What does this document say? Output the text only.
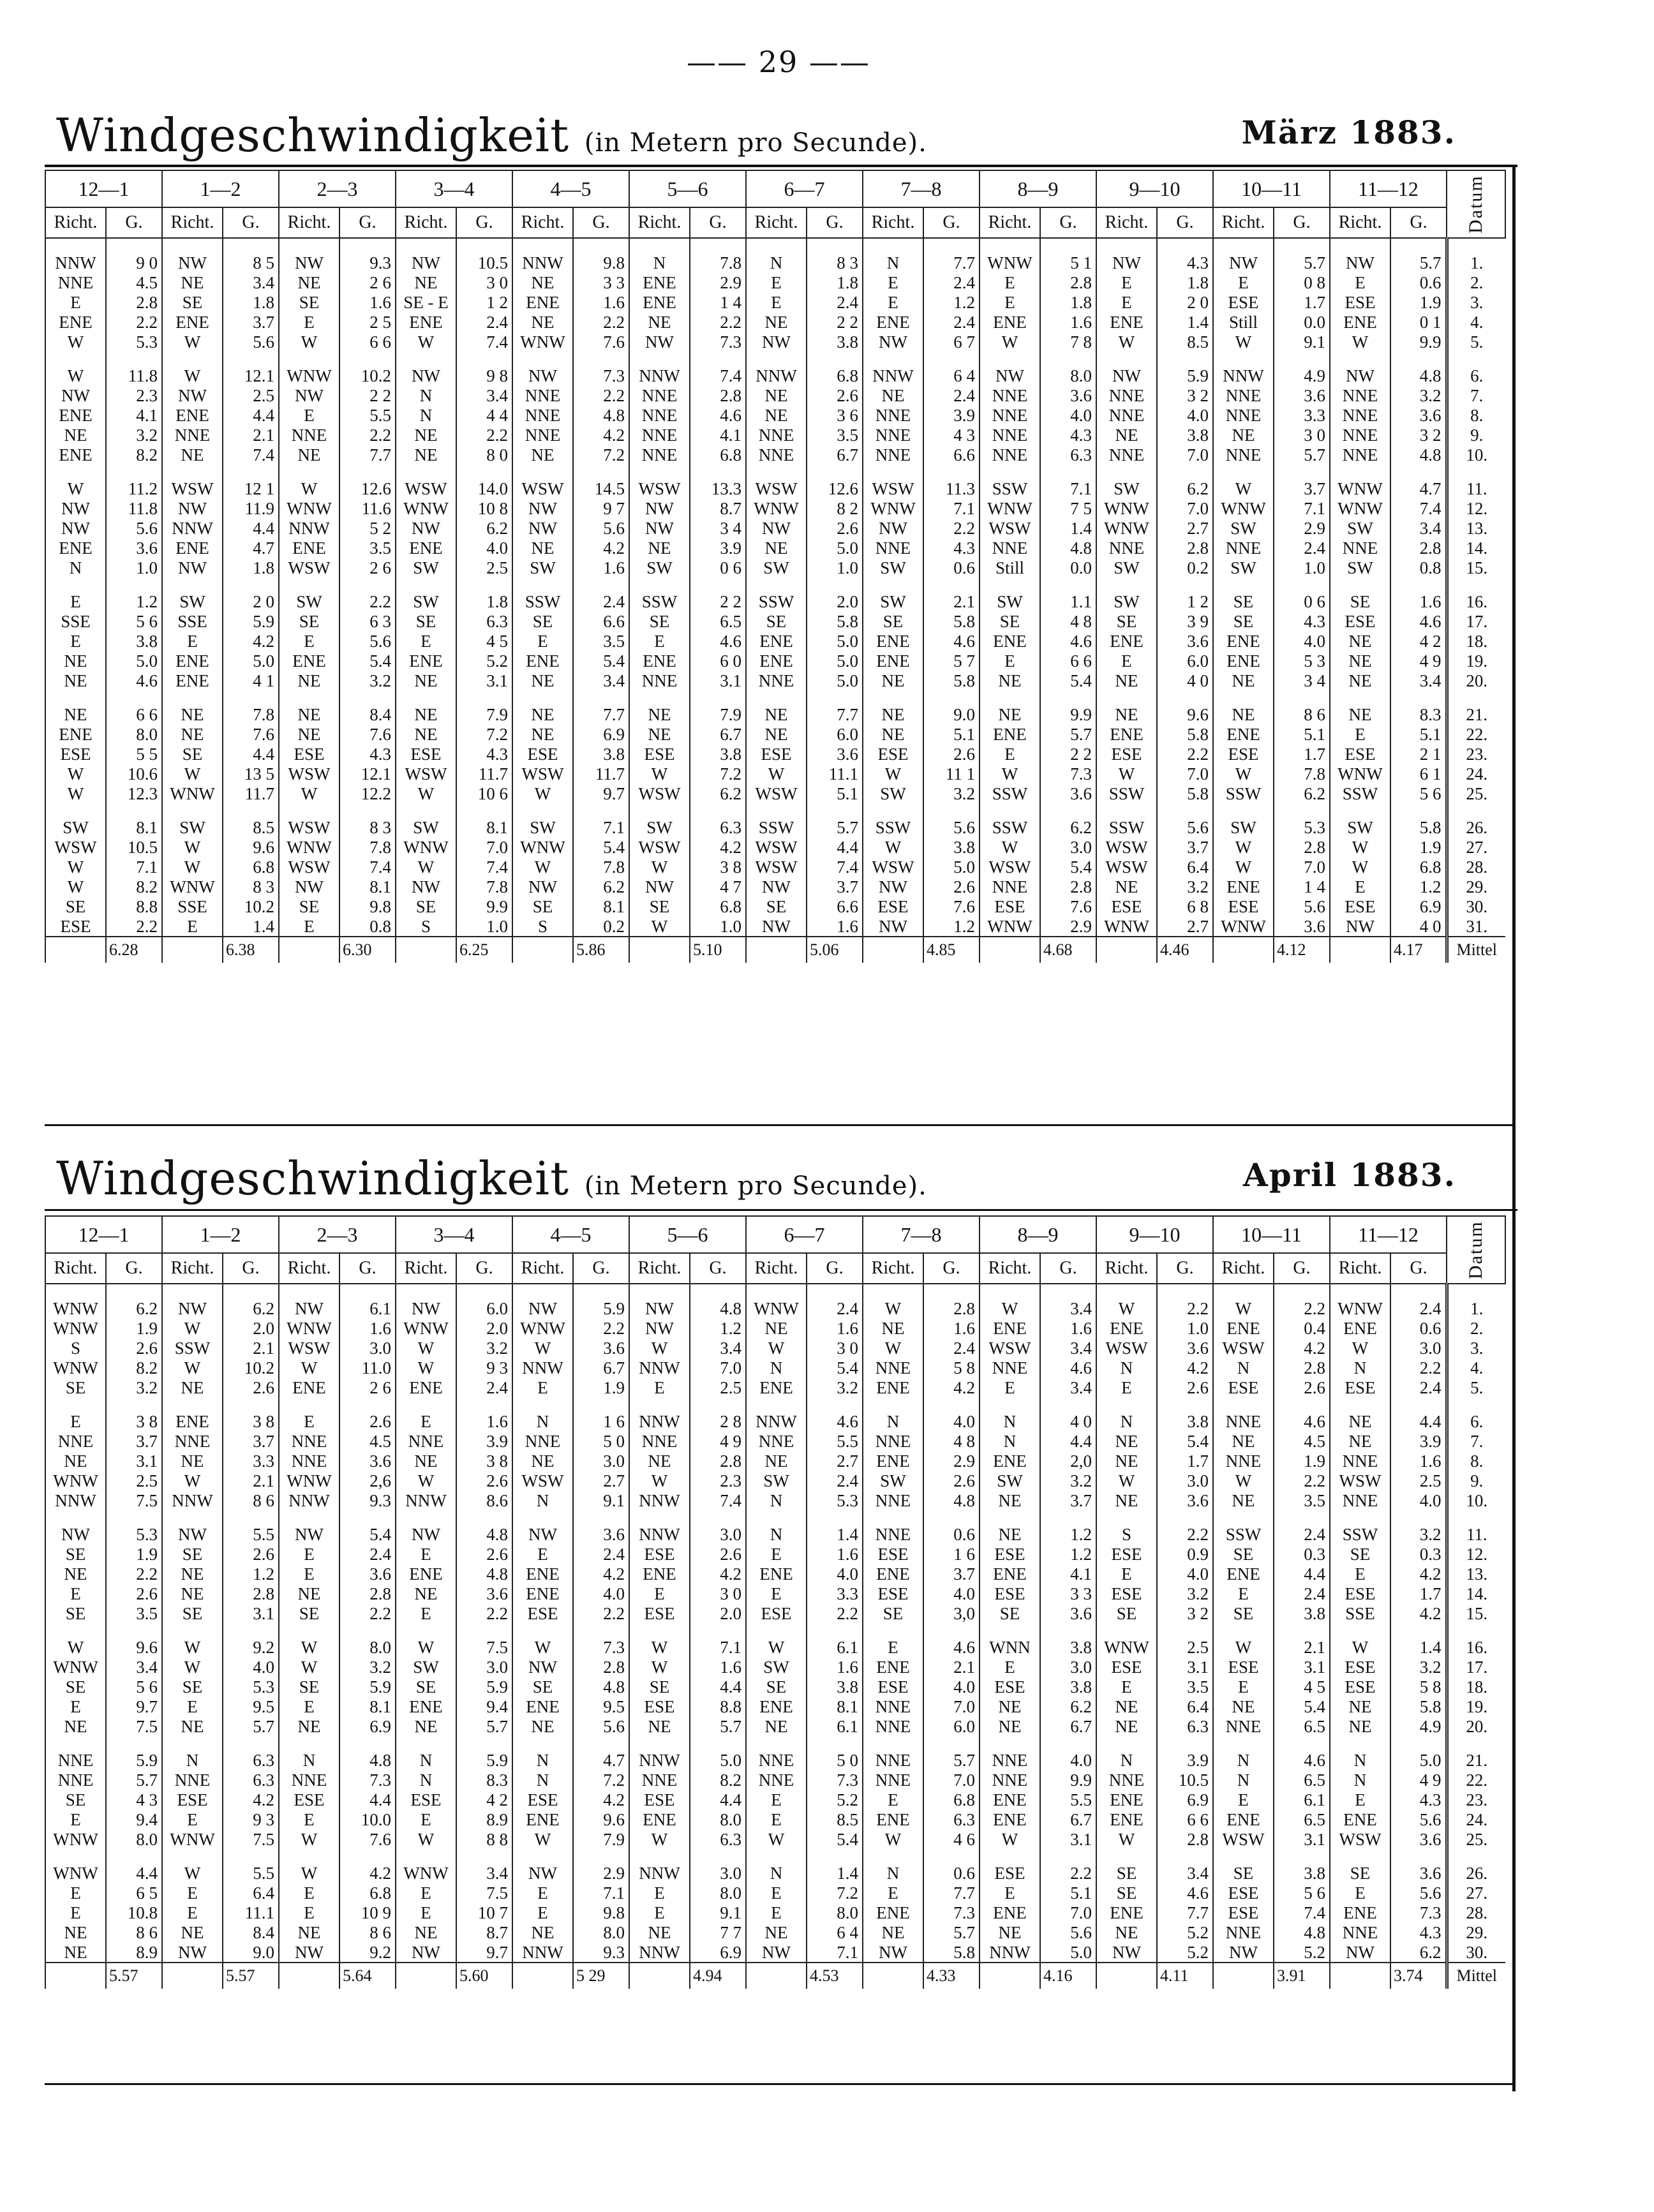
—— 29 ——
Windgeschwindigkeit (in Metern pro Secunde).	März 1883.
12—1		1—2		2—3		3—4		4—5		5—6		6—7		7—8		8—9		9—10		10—11		11—12		Datum
Richt.	G.	Richt.	G.	Richt.	G.	Richt.	G.	Richt.	G.	Richt.	G.	Richt.	G.	Richt.	G.	Richt.	G.	Richt.	G.	Richt.	G.	Richt.	G.	

NNW	9 0	NW	8 5	NW	9.3	NW	10.5	NNW	9.8	N	7.8	N	8 3	N	7.7	WNW	5 1	NW	4.3	NW	5.7	NW	5.7	1.
NNE	4.5	NE	3.4	NE	2 6	NE	3 0	NE	3 3	ENE	2.9	E	1.8	E	2.4	E	2.8	E	1.8	E	0 8	E	0.6	2.
E	2.8	SE	1.8	SE	1.6	SE - E	1 2	ENE	1.6	ENE	1 4	E	2.4	E	1.2	E	1.8	E	2 0	ESE	1.7	ESE	1.9	3.
ENE	2.2	ENE	3.7	E	2 5	ENE	2.4	NE	2.2	NE	2.2	NE	2 2	ENE	2.4	ENE	1.6	ENE	1.4	Still	0.0	ENE	0 1	4.
W	5.3	W	5.6	W	6 6	W	7.4	WNW	7.6	NW	7.3	NW	3.8	NW	6 7	W	7 8	W	8.5	W	9.1	W	9.9	5.

W	11.8	W	12.1	WNW	10.2	NW	9 8	NW	7.3	NNW	7.4	NNW	6.8	NNW	6 4	NW	8.0	NW	5.9	NNW	4.9	NW	4.8	6.
NW	2.3	NW	2.5	NW	2 2	N	3.4	NNE	2.2	NNE	2.8	NE	2.6	NE	2.4	NNE	3.6	NNE	3 2	NNE	3.6	NNE	3.2	7.
ENE	4.1	ENE	4.4	E	5.5	N	4 4	NNE	4.8	NNE	4.6	NE	3 6	NNE	3.9	NNE	4.0	NNE	4.0	NNE	3.3	NNE	3.6	8.
NE	3.2	NNE	2.1	NNE	2.2	NE	2.2	NNE	4.2	NNE	4.1	NNE	3.5	NNE	4 3	NNE	4.3	NE	3.8	NE	3 0	NNE	3 2	9.
ENE	8.2	NE	7.4	NE	7.7	NE	8 0	NE	7.2	NNE	6.8	NNE	6.7	NNE	6.6	NNE	6.3	NNE	7.0	NNE	5.7	NNE	4.8	10.

W	11.2	WSW	12 1	W	12.6	WSW	14.0	WSW	14.5	WSW	13.3	WSW	12.6	WSW	11.3	SSW	7.1	SW	6.2	W	3.7	WNW	4.7	11.
NW	11.8	NW	11.9	WNW	11.6	WNW	10 8	NW	9 7	NW	8.7	WNW	8 2	WNW	7.1	WNW	7 5	WNW	7.0	WNW	7.1	WNW	7.4	12.
NW	5.6	NNW	4.4	NNW	5 2	NW	6.2	NW	5.6	NW	3 4	NW	2.6	NW	2.2	WSW	1.4	WNW	2.7	SW	2.9	SW	3.4	13.
ENE	3.6	ENE	4.7	ENE	3.5	ENE	4.0	NE	4.2	NE	3.9	NE	5.0	NNE	4.3	NNE	4.8	NNE	2.8	NNE	2.4	NNE	2.8	14.
N	1.0	NW	1.8	WSW	2 6	SW	2.5	SW	1.6	SW	0 6	SW	1.0	SW	0.6	Still	0.0	SW	0.2	SW	1.0	SW	0.8	15.

E	1.2	SW	2 0	SW	2.2	SW	1.8	SSW	2.4	SSW	2 2	SSW	2.0	SW	2.1	SW	1.1	SW	1 2	SE	0 6	SE	1.6	16.
SSE	5 6	SSE	5.9	SE	6 3	SE	6.3	SE	6.6	SE	6.5	SE	5.8	SE	5.8	SE	4 8	SE	3 9	SE	4.3	ESE	4.6	17.
E	3.8	E	4.2	E	5.6	E	4 5	E	3.5	E	4.6	ENE	5.0	ENE	4.6	ENE	4.6	ENE	3.6	ENE	4.0	NE	4 2	18.
NE	5.0	ENE	5.0	ENE	5.4	ENE	5.2	ENE	5.4	ENE	6 0	ENE	5.0	ENE	5 7	E	6 6	E	6.0	ENE	5 3	NE	4 9	19.
NE	4.6	ENE	4 1	NE	3.2	NE	3.1	NE	3.4	NNE	3.1	NNE	5.0	NE	5.8	NE	5.4	NE	4 0	NE	3 4	NE	3.4	20.

NE	6 6	NE	7.8	NE	8.4	NE	7.9	NE	7.7	NE	7.9	NE	7.7	NE	9.0	NE	9.9	NE	9.6	NE	8 6	NE	8.3	21.
ENE	8.0	NE	7.6	NE	7.6	NE	7.2	NE	6.9	NE	6.7	NE	6.0	NE	5.1	ENE	5.7	ENE	5.8	ENE	5.1	E	5.1	22.
ESE	5 5	SE	4.4	ESE	4.3	ESE	4.3	ESE	3.8	ESE	3.8	ESE	3.6	ESE	2.6	E	2 2	ESE	2.2	ESE	1.7	ESE	2 1	23.
W	10.6	W	13 5	WSW	12.1	WSW	11.7	WSW	11.7	W	7.2	W	11.1	W	11 1	W	7.3	W	7.0	W	7.8	WNW	6 1	24.
W	12.3	WNW	11.7	W	12.2	W	10 6	W	9.7	WSW	6.2	WSW	5.1	SW	3.2	SSW	3.6	SSW	5.8	SSW	6.2	SSW	5 6	25.

SW	8.1	SW	8.5	WSW	8 3	SW	8.1	SW	7.1	SW	6.3	SSW	5.7	SSW	5.6	SSW	6.2	SSW	5.6	SW	5.3	SW	5.8	26.
WSW	10.5	W	9.6	WNW	7.8	WNW	7.0	WNW	5.4	WSW	4.2	WSW	4.4	W	3.8	W	3.0	WSW	3.7	W	2.8	W	1.9	27.
W	7.1	W	6.8	WSW	7.4	W	7.4	W	7.8	W	3 8	WSW	7.4	WSW	5.0	WSW	5.4	WSW	6.4	W	7.0	W	6.8	28.
W	8.2	WNW	8 3	NW	8.1	NW	7.8	NW	6.2	NW	4 7	NW	3.7	NW	2.6	NNE	2.8	NE	3.2	ENE	1 4	E	1.2	29.
SE	8.8	SSE	10.2	SE	9.8	SE	9.9	SE	8.1	SE	6.8	SE	6.6	ESE	7.6	ESE	7.6	ESE	6 8	ESE	5.6	ESE	6.9	30.
ESE	2.2	E	1.4	E	0.8	S	1.0	S	0.2	W	1.0	NW	1.6	NW	1.2	WNW	2.9	WNW	2.7	WNW	3.6	NW	4 0	31.
	6.28		6.38		6.30		6.25		5.86		5.10		5.06		4.85		4.68		4.46		4.12		4.17	Mittel
Windgeschwindigkeit (in Metern pro Secunde).	April 1883.
12—1		1—2		2—3		3—4		4—5		5—6		6—7		7—8		8—9		9—10		10—11		11—12		Datum
Richt.	G.	Richt.	G.	Richt.	G.	Richt.	G.	Richt.	G.	Richt.	G.	Richt.	G.	Richt.	G.	Richt.	G.	Richt.	G.	Richt.	G.	Richt.	G.	

WNW	6.2	NW	6.2	NW	6.1	NW	6.0	NW	5.9	NW	4.8	WNW	2.4	W	2.8	W	3.4	W	2.2	W	2.2	WNW	2.4	1.
WNW	1.9	W	2.0	WNW	1.6	WNW	2.0	WNW	2.2	NW	1.2	NE	1.6	NE	1.6	ENE	1.6	ENE	1.0	ENE	0.4	ENE	0.6	2.
S	2.6	SSW	2.1	WSW	3.0	W	3.2	W	3.6	W	3.4	W	3 0	W	2.4	WSW	3.4	WSW	3.6	WSW	4.2	W	3.0	3.
WNW	8.2	W	10.2	W	11.0	W	9 3	NNW	6.7	NNW	7.0	N	5.4	NNE	5 8	NNE	4.6	N	4.2	N	2.8	N	2.2	4.
SE	3.2	NE	2.6	ENE	2 6	ENE	2.4	E	1.9	E	2.5	ENE	3.2	ENE	4.2	E	3.4	E	2.6	ESE	2.6	ESE	2.4	5.

E	3 8	ENE	3 8	E	2.6	E	1.6	N	1 6	NNW	2 8	NNW	4.6	N	4.0	N	4 0	N	3.8	NNE	4.6	NE	4.4	6.
NNE	3.7	NNE	3.7	NNE	4.5	NNE	3.9	NNE	5 0	NNE	4 9	NNE	5.5	NNE	4 8	N	4.4	NE	5.4	NE	4.5	NE	3.9	7.
NE	3.1	NE	3.3	NNE	3.6	NE	3 8	NE	3.0	NE	2.8	NE	2.7	ENE	2.9	ENE	2,0	NE	1.7	NNE	1.9	NNE	1.6	8.
WNW	2.5	W	2.1	WNW	2,6	W	2.6	WSW	2.7	W	2.3	SW	2.4	SW	2.6	SW	3.2	W	3.0	W	2.2	WSW	2.5	9.
NNW	7.5	NNW	8 6	NNW	9.3	NNW	8.6	N	9.1	NNW	7.4	N	5.3	NNE	4.8	NE	3.7	NE	3.6	NE	3.5	NNE	4.0	10.

NW	5.3	NW	5.5	NW	5.4	NW	4.8	NW	3.6	NNW	3.0	N	1.4	NNE	0.6	NE	1.2	S	2.2	SSW	2.4	SSW	3.2	11.
SE	1.9	SE	2.6	E	2.4	E	2.6	E	2.4	ESE	2.6	E	1.6	ESE	1 6	ESE	1.2	ESE	0.9	SE	0.3	SE	0.3	12.
NE	2.2	NE	1.2	E	3.6	ENE	4.8	ENE	4.2	ENE	4.2	ENE	4.0	ENE	3.7	ENE	4.1	E	4.0	ENE	4.4	E	4.2	13.
E	2.6	NE	2.8	NE	2.8	NE	3.6	ENE	4.0	E	3 0	E	3.3	ESE	4.0	ESE	3 3	ESE	3.2	E	2.4	ESE	1.7	14.
SE	3.5	SE	3.1	SE	2.2	E	2.2	ESE	2.2	ESE	2.0	ESE	2.2	SE	3,0	SE	3.6	SE	3 2	SE	3.8	SSE	4.2	15.

W	9.6	W	9.2	W	8.0	W	7.5	W	7.3	W	7.1	W	6.1	E	4.6	WNN	3.8	WNW	2.5	W	2.1	W	1.4	16.
WNW	3.4	W	4.0	W	3.2	SW	3.0	NW	2.8	W	1.6	SW	1.6	ENE	2.1	E	3.0	ESE	3.1	ESE	3.1	ESE	3.2	17.
SE	5 6	SE	5.3	SE	5.9	SE	5.9	SE	4.8	SE	4.4	SE	3.8	ESE	4.0	ESE	3.8	E	3.5	E	4 5	ESE	5 8	18.
E	9.7	E	9.5	E	8.1	ENE	9.4	ENE	9.5	ESE	8.8	ENE	8.1	NNE	7.0	NE	6.2	NE	6.4	NE	5.4	NE	5.8	19.
NE	7.5	NE	5.7	NE	6.9	NE	5.7	NE	5.6	NE	5.7	NE	6.1	NNE	6.0	NE	6.7	NE	6.3	NNE	6.5	NE	4.9	20.

NNE	5.9	N	6.3	N	4.8	N	5.9	N	4.7	NNW	5.0	NNE	5 0	NNE	5.7	NNE	4.0	N	3.9	N	4.6	N	5.0	21.
NNE	5.7	NNE	6.3	NNE	7.3	N	8.3	N	7.2	NNE	8.2	NNE	7.3	NNE	7.0	NNE	9.9	NNE	10.5	N	6.5	N	4 9	22.
SE	4 3	ESE	4.2	ESE	4.4	ESE	4 2	ESE	4.2	ESE	4.4	E	5.2	E	6.8	ENE	5.5	ENE	6.9	E	6.1	E	4.3	23.
E	9.4	E	9 3	E	10.0	E	8.9	ENE	9.6	ENE	8.0	E	8.5	ENE	6.3	ENE	6.7	ENE	6 6	ENE	6.5	ENE	5.6	24.
WNW	8.0	WNW	7.5	W	7.6	W	8 8	W	7.9	W	6.3	W	5.4	W	4 6	W	3.1	W	2.8	WSW	3.1	WSW	3.6	25.

WNW	4.4	W	5.5	W	4.2	WNW	3.4	NW	2.9	NNW	3.0	N	1.4	N	0.6	ESE	2.2	SE	3.4	SE	3.8	SE	3.6	26.
E	6 5	E	6.4	E	6.8	E	7.5	E	7.1	E	8.0	E	7.2	E	7.7	E	5.1	SE	4.6	ESE	5 6	E	5.6	27.
E	10.8	E	11.1	E	10 9	E	10 7	E	9.8	E	9.1	E	8.0	ENE	7.3	ENE	7.0	ENE	7.7	ESE	7.4	ENE	7.3	28.
NE	8 6	NE	8.4	NE	8 6	NE	8.7	NE	8.0	NE	7 7	NE	6 4	NE	5.7	NE	5.6	NE	5.2	NNE	4.8	NNE	4.3	29.
NE	8.9	NW	9.0	NW	9.2	NW	9.7	NNW	9.3	NNW	6.9	NW	7.1	NW	5.8	NNW	5.0	NW	5.2	NW	5.2	NW	6.2	30.
	5.57		5.57		5.64		5.60		5 29		4.94		4.53		4.33		4.16		4.11		3.91		3.74	Mittel
